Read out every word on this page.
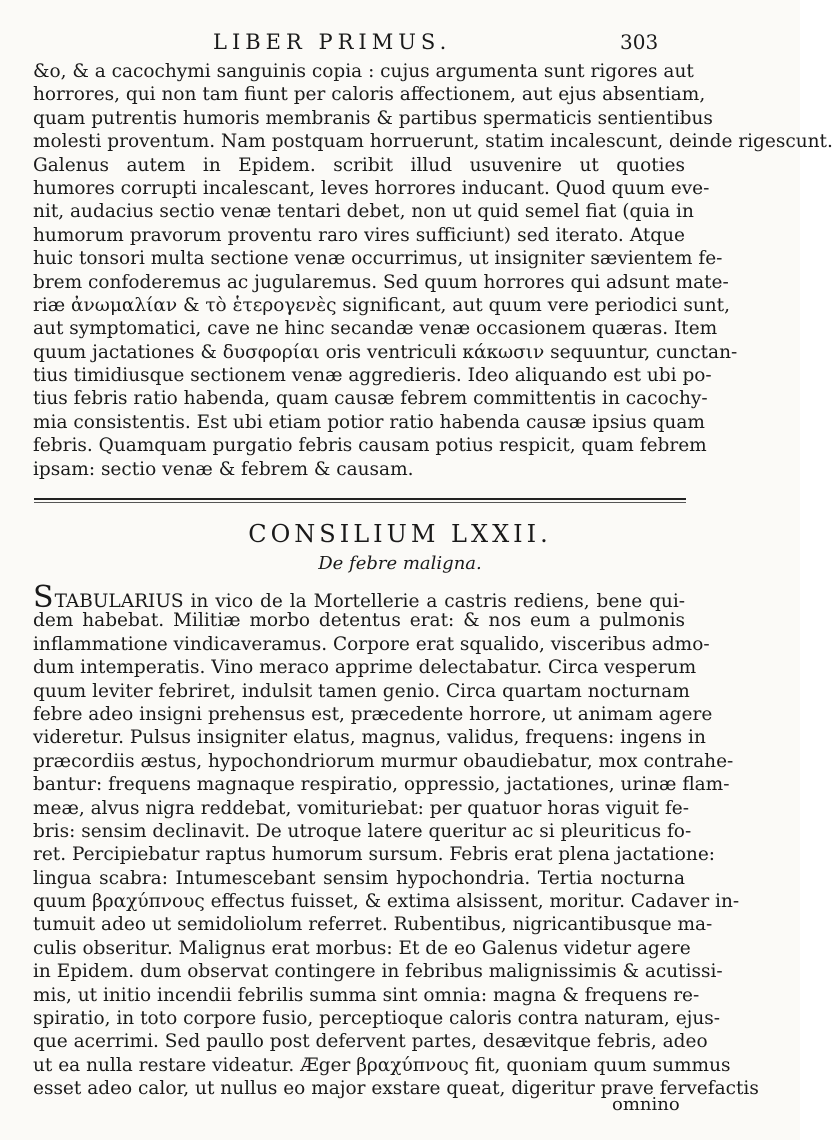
LIBER PRIMUS.	303
&o, & a cacochymi sanguinis copia : cujus argumenta sunt rigores aut
horrores, qui non tam fiunt per caloris affectionem, aut ejus absentiam,
quam putrentis humoris membranis & partibus spermaticis sentientibus
molesti proventum. Nam postquam horruerunt, statim incalescunt, deinde rigescunt.
Galenus autem in Epidem. scribit illud usuvenire ut quoties
humores corrupti incalescant, leves horrores inducant. Quod quum eve-
nit, audacius sectio venæ tentari debet, non ut quid semel fiat (quia in
humorum pravorum proventu raro vires sufficiunt) sed iterato. Atque
huic tonsori multa sectione venæ occurrimus, ut insigniter sævientem fe-
brem confoderemus ac jugularemus. Sed quum horrores qui adsunt mate-
riæ ἀνωμαλίαν & τὸ ἑτερογενὲς significant, aut quum vere periodici sunt,
aut symptomatici, cave ne hinc secandæ venæ occasionem quæras. Item
quum jactationes & δυσφορίαι oris ventriculi κάκωσιν sequuntur, cunctan-
tius timidiusque sectionem venæ aggredieris. Ideo aliquando est ubi po-
tius febris ratio habenda, quam causæ febrem committentis in cacochy-
mia consistentis. Est ubi etiam potior ratio habenda causæ ipsius quam
febris. Quamquam purgatio febris causam potius respicit, quam febrem
ipsam: sectio venæ & febrem & causam.
CONSILIUM LXXII.
De febre maligna.
STABULARIUS in vico de la Mortellerie a castris rediens, bene qui-
dem habebat. Militiæ morbo detentus erat: & nos eum a pulmonis
inflammatione vindicaveramus. Corpore erat squalido, visceribus admo-
dum intemperatis. Vino meraco apprime delectabatur. Circa vesperum
quum leviter febriret, indulsit tamen genio. Circa quartam nocturnam
febre adeo insigni prehensus est, præcedente horrore, ut animam agere
videretur. Pulsus insigniter elatus, magnus, validus, frequens: ingens in
præcordiis æstus, hypochondriorum murmur obaudiebatur, mox contrahe-
bantur: frequens magnaque respiratio, oppressio, jactationes, urinæ flam-
meæ, alvus nigra reddebat, vomituriebat: per quatuor horas viguit fe-
bris: sensim declinavit. De utroque latere queritur ac si pleuriticus fo-
ret. Percipiebatur raptus humorum sursum. Febris erat plena jactatione:
lingua scabra: Intumescebant sensim hypochondria. Tertia nocturna
quum βραχύπνους effectus fuisset, & extima alsissent, moritur. Cadaver in-
tumuit adeo ut semidoliolum referret. Rubentibus, nigricantibusque ma-
culis obseritur. Malignus erat morbus: Et de eo Galenus videtur agere
in Epidem. dum observat contingere in febribus malignissimis & acutissi-
mis, ut initio incendii febrilis summa sint omnia: magna & frequens re-
spiratio, in toto corpore fusio, perceptioque caloris contra naturam, ejus-
que acerrimi. Sed paullo post defervent partes, desævitque febris, adeo
ut ea nulla restare videatur. Æger βραχύπνους fit, quoniam quum summus
esset adeo calor, ut nullus eo major exstare queat, digeritur prave fervefactis
omnino
